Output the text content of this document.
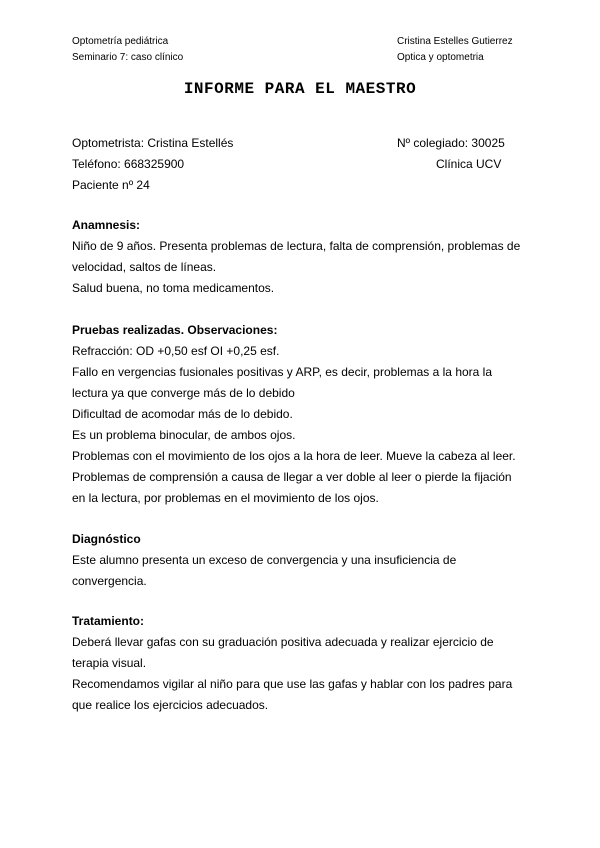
Optometría pediátrica
Seminario 7: caso clínico
Cristina Estelles Gutierrez
Optica y optometria
INFORME PARA EL MAESTRO
Optometrista: Cristina Estellés
Teléfono: 668325900
Paciente nº 24
Nº colegiado: 30025
Clínica UCV
Anamnesis:

Niño de 9 años. Presenta problemas de lectura, falta de comprensión, problemas de

velocidad, saltos de líneas.

Salud buena, no toma medicamentos.

Pruebas realizadas. Observaciones:

Refracción: OD +0,50 esf OI +0,25 esf.

Fallo en vergencias fusionales positivas y ARP, es decir, problemas a la hora la

lectura ya que converge más de lo debido

Dificultad de acomodar más de lo debido.

Es un problema binocular, de ambos ojos.

Problemas con el movimiento de los ojos a la hora de leer. Mueve la cabeza al leer.

Problemas de comprensión a causa de llegar a ver doble al leer o pierde la fijación

en la lectura, por problemas en el movimiento de los ojos.

Diagnóstico

Este alumno presenta un exceso de convergencia y una insuficiencia de

convergencia.

Tratamiento:

Deberá llevar gafas con su graduación positiva adecuada y realizar ejercicio de

terapia visual.

Recomendamos vigilar al niño para que use las gafas y hablar con los padres para

que realice los ejercicios adecuados.
